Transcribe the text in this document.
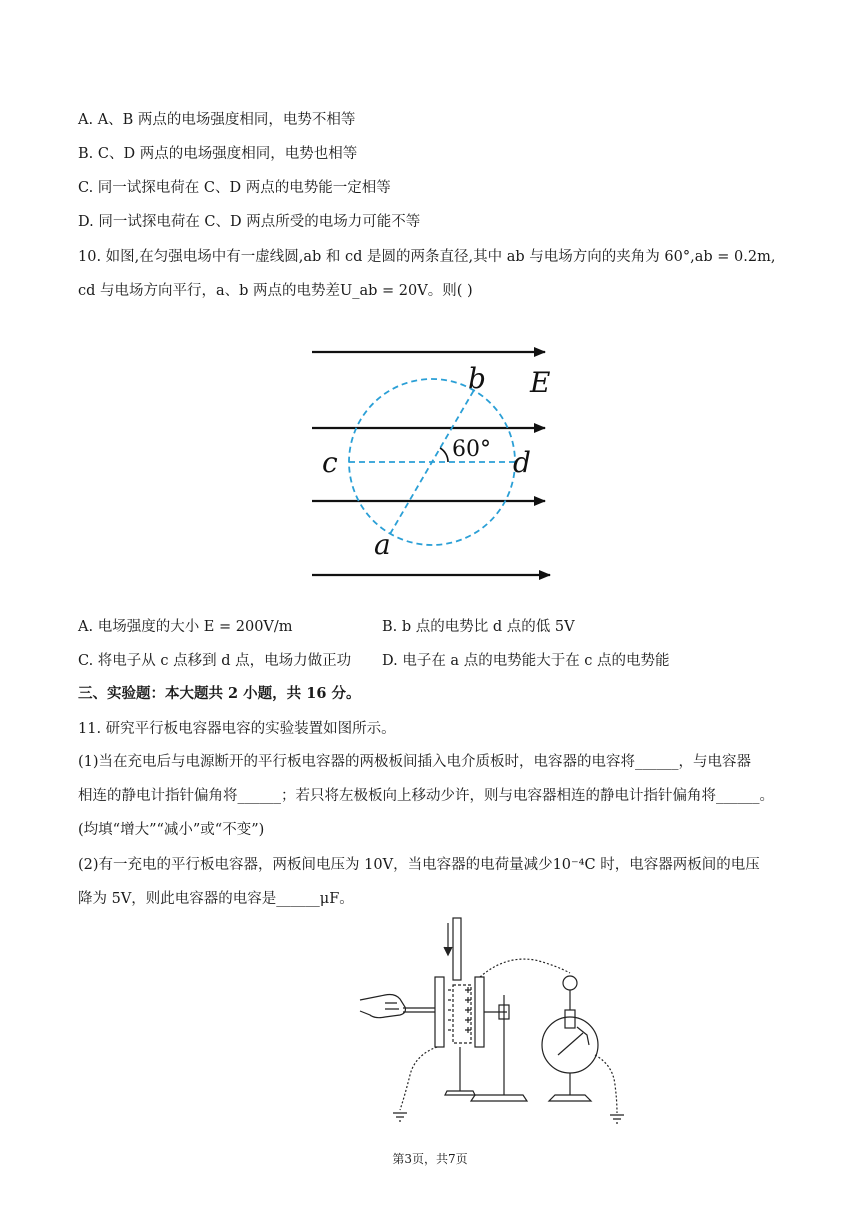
A. A、B 两点的电场强度相同，电势不相等
B. C、D 两点的电场强度相同，电势也相等
C. 同一试探电荷在 C、D 两点的电势能一定相等
D. 同一试探电荷在 C、D 两点所受的电场力可能不等
10. 如图,在匀强电场中有一虚线圆,ab 和 cd 是圆的两条直径,其中 ab 与电场方向的夹角为 60°,ab = 0.2m,
cd 与电场方向平行，a、b 两点的电势差U_ab = 20V。则( )
b E
60°
c	d
a
A. 电场强度的大小 E = 200V/m	B. b 点的电势比 d 点的低 5V
C. 将电子从 c 点移到 d 点，电场力做正功 D. 电子在 a 点的电势能大于在 c 点的电势能
三、实验题：本大题共 2 小题，共 16 分。
11. 研究平行板电容器电容的实验装置如图所示。
(1)当在充电后与电源断开的平行板电容器的两极板间插入电介质板时，电容器的电容将______，与电容器
相连的静电计指针偏角将______；若只将左极板向上移动少许，则与电容器相连的静电计指针偏角将______。
(均填“增大”“减小”或“不变”)
(2)有一充电的平行板电容器，两板间电压为 10V，当电容器的电荷量减少10⁻⁴C 时，电容器两板间的电压
降为 5V，则此电容器的电容是______μF。
第3页，共7页
